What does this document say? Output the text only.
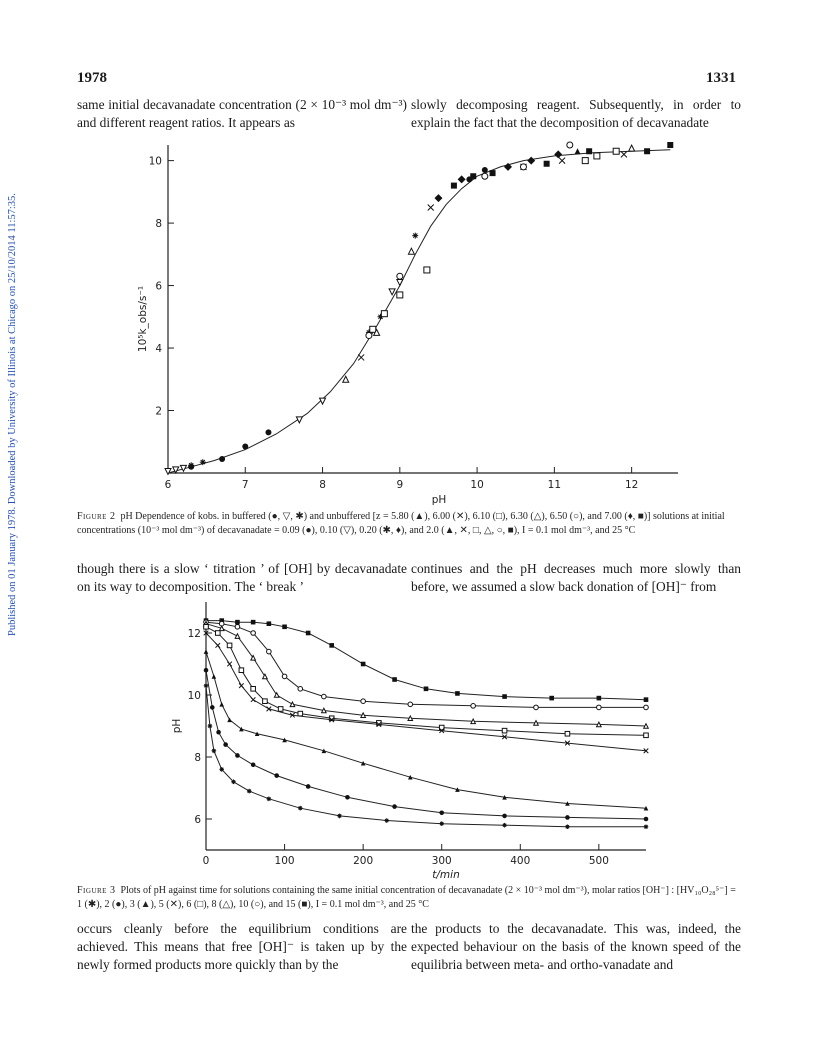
Published on 01 January 1978. Downloaded by University of Illinois at Chicago on 25/10/2014 11:57:35.
1978	1331

same initial decavanadate concentration (2 × 10⁻³ mol dm⁻³) and different reagent ratios. It appears as

slowly decomposing reagent. Subsequently, in order to explain the fact that the decomposition of decavanadate

6	7	8	9	10	11	12
2
4
6
8
10
pH
10⁵k_obs/s⁻¹
Figure 2 pH Dependence of kobs. in buffered (●, ▽, ✱) and unbuffered [z = 5.80 (▲), 6.00 (✕), 6.10 (□), 6.30 (△), 6.50 (○), and 7.00 (♦, ■)] solutions at initial concentrations (10⁻³ mol dm⁻³) of decavanadate = 0.09 (●), 0.10 (▽), 0.20 (✱, ♦), and 2.0 (▲, ✕, □, △, ○, ■), I = 0.1 mol dm⁻³, and 25 °C

though there is a slow ‘ titration ’ of [OH] by decavanadate on its way to decomposition. The ‘ break ’

continues and the pH decreases much more slowly than before, we assumed a slow back donation of [OH]⁻ from

0	100	200	300	400	500
6
8
10
12
t/min
pH
Figure 3 Plots of pH against time for solutions containing the same initial concentration of decavanadate (2 × 10⁻³ mol dm⁻³), molar ratios [OH⁻] : [HV₁₀O₂₈⁵⁻] = 1 (✱), 2 (●), 3 (▲), 5 (✕), 6 (□), 8 (△), 10 (○), and 15 (■), I = 0.1 mol dm⁻³, and 25 °C

occurs cleanly before the equilibrium conditions are achieved. This means that free [OH]⁻ is taken up by the newly formed products more quickly than by the

the products to the decavanadate. This was, indeed, the expected behaviour on the basis of the known speed of the equilibria between meta- and ortho-vanadate and
